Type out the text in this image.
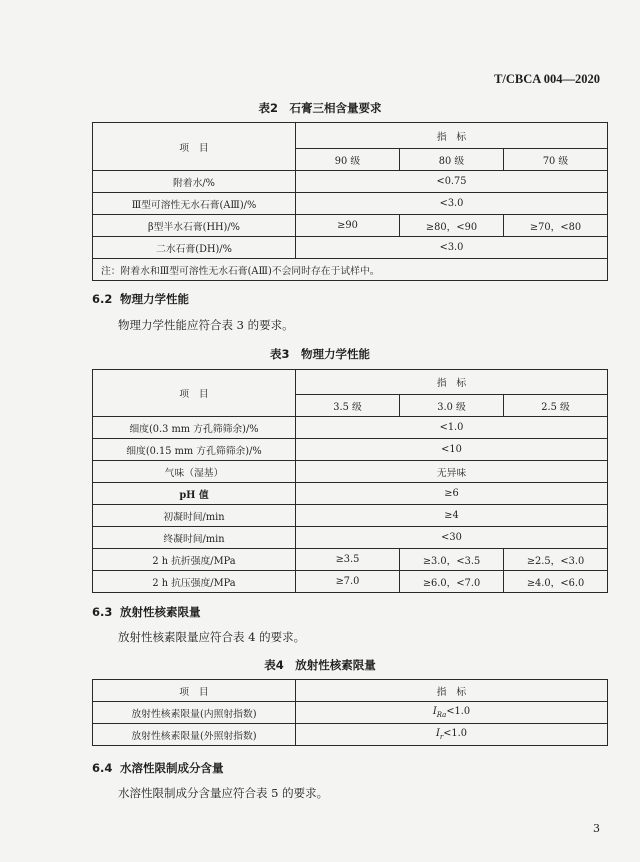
T/CBCA 004—2020
表2　石膏三相含量要求
项　目	指　标		
	90 级	80 级	70 级
附着水/%	<0.75		
Ⅲ型可溶性无水石膏(AⅢ)/%	<3.0		
β型半水石膏(HH)/%	≥90	≥80，<90	≥70，<80
二水石膏(DH)/%	<3.0		
注：附着水和Ⅲ型可溶性无水石膏(AⅢ)不会同时存在于试样中。			
6.2 物理力学性能
物理力学性能应符合表 3 的要求。
表3　物理力学性能
项　目	指　标		
	3.5 级	3.0 级	2.5 级
细度(0.3 mm 方孔筛筛余)/%	<1.0		
细度(0.15 mm 方孔筛筛余)/%	<10		
气味（湿基）	无异味		
pH 值	≥6		
初凝时间/min	≥4		
终凝时间/min	<30		
2 h 抗折强度/MPa	≥3.5	≥3.0，<3.5	≥2.5，<3.0
2 h 抗压强度/MPa	≥7.0	≥6.0，<7.0	≥4.0，<6.0
6.3 放射性核素限量
放射性核素限量应符合表 4 的要求。
表4　放射性核素限量
项　目	指　标
放射性核素限量(内照射指数)	$I_{Ra}<1.0$
放射性核素限量(外照射指数)	$I_r<1.0$
6.4 水溶性限制成分含量
水溶性限制成分含量应符合表 5 的要求。
3
